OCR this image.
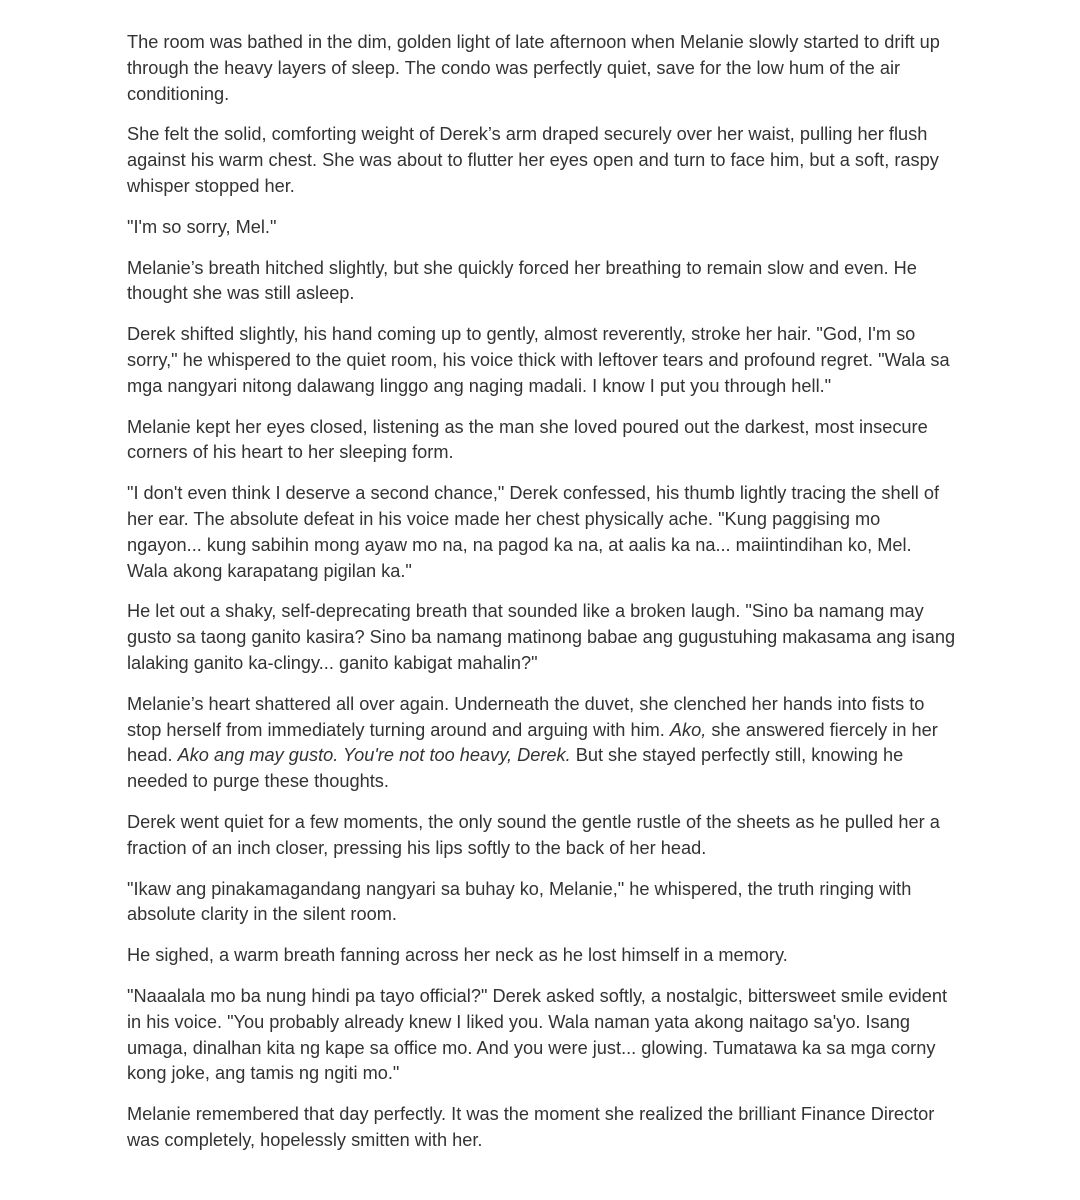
The room was bathed in the dim, golden light of late afternoon when Melanie slowly started to drift up through the heavy layers of sleep. The condo was perfectly quiet, save for the low hum of the air conditioning.

She felt the solid, comforting weight of Derek’s arm draped securely over her waist, pulling her flush against his warm chest. She was about to flutter her eyes open and turn to face him, but a soft, raspy whisper stopped her.

"I'm so sorry, Mel."

Melanie’s breath hitched slightly, but she quickly forced her breathing to remain slow and even. He thought she was still asleep.

Derek shifted slightly, his hand coming up to gently, almost reverently, stroke her hair. "God, I'm so sorry," he whispered to the quiet room, his voice thick with leftover tears and profound regret. "Wala sa mga nangyari nitong dalawang linggo ang naging madali. I know I put you through hell."

Melanie kept her eyes closed, listening as the man she loved poured out the darkest, most insecure corners of his heart to her sleeping form.

"I don't even think I deserve a second chance," Derek confessed, his thumb lightly tracing the shell of her ear. The absolute defeat in his voice made her chest physically ache. "Kung paggising mo ngayon... kung sabihin mong ayaw mo na, na pagod ka na, at aalis ka na... maiintindihan ko, Mel. Wala akong karapatang pigilan ka."

He let out a shaky, self-deprecating breath that sounded like a broken laugh. "Sino ba namang may gusto sa taong ganito kasira? Sino ba namang matinong babae ang gugustuhing makasama ang isang lalaking ganito ka-clingy... ganito kabigat mahalin?"

Melanie’s heart shattered all over again. Underneath the duvet, she clenched her hands into fists to stop herself from immediately turning around and arguing with him. Ako, she answered fiercely in her head. Ako ang may gusto. You're not too heavy, Derek. But she stayed perfectly still, knowing he needed to purge these thoughts.

Derek went quiet for a few moments, the only sound the gentle rustle of the sheets as he pulled her a fraction of an inch closer, pressing his lips softly to the back of her head.

"Ikaw ang pinakamagandang nangyari sa buhay ko, Melanie," he whispered, the truth ringing with absolute clarity in the silent room.

He sighed, a warm breath fanning across her neck as he lost himself in a memory.

"Naaalala mo ba nung hindi pa tayo official?" Derek asked softly, a nostalgic, bittersweet smile evident in his voice. "You probably already knew I liked you. Wala naman yata akong naitago sa'yo. Isang umaga, dinalhan kita ng kape sa office mo. And you were just... glowing. Tumatawa ka sa mga corny kong joke, ang tamis ng ngiti mo."

Melanie remembered that day perfectly. It was the moment she realized the brilliant Finance Director was completely, hopelessly smitten with her.
